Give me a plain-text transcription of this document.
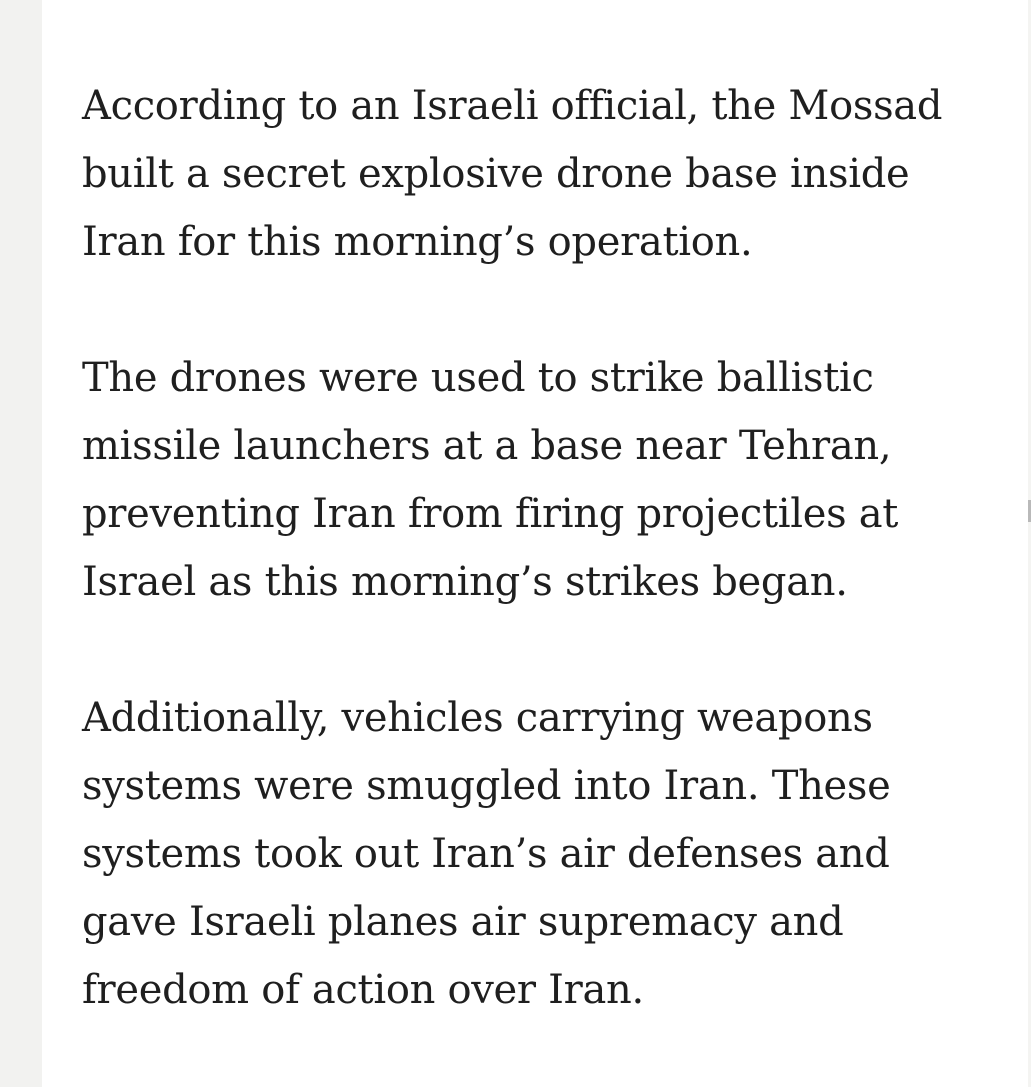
According to an Israeli official, the Mossad
built a secret explosive drone base inside
Iran for this morning’s operation.

The drones were used to strike ballistic
missile launchers at a base near Tehran,
preventing Iran from firing projectiles at
Israel as this morning’s strikes began.

Additionally, vehicles carrying weapons
systems were smuggled into Iran. These
systems took out Iran’s air defenses and
gave Israeli planes air supremacy and
freedom of action over Iran.
